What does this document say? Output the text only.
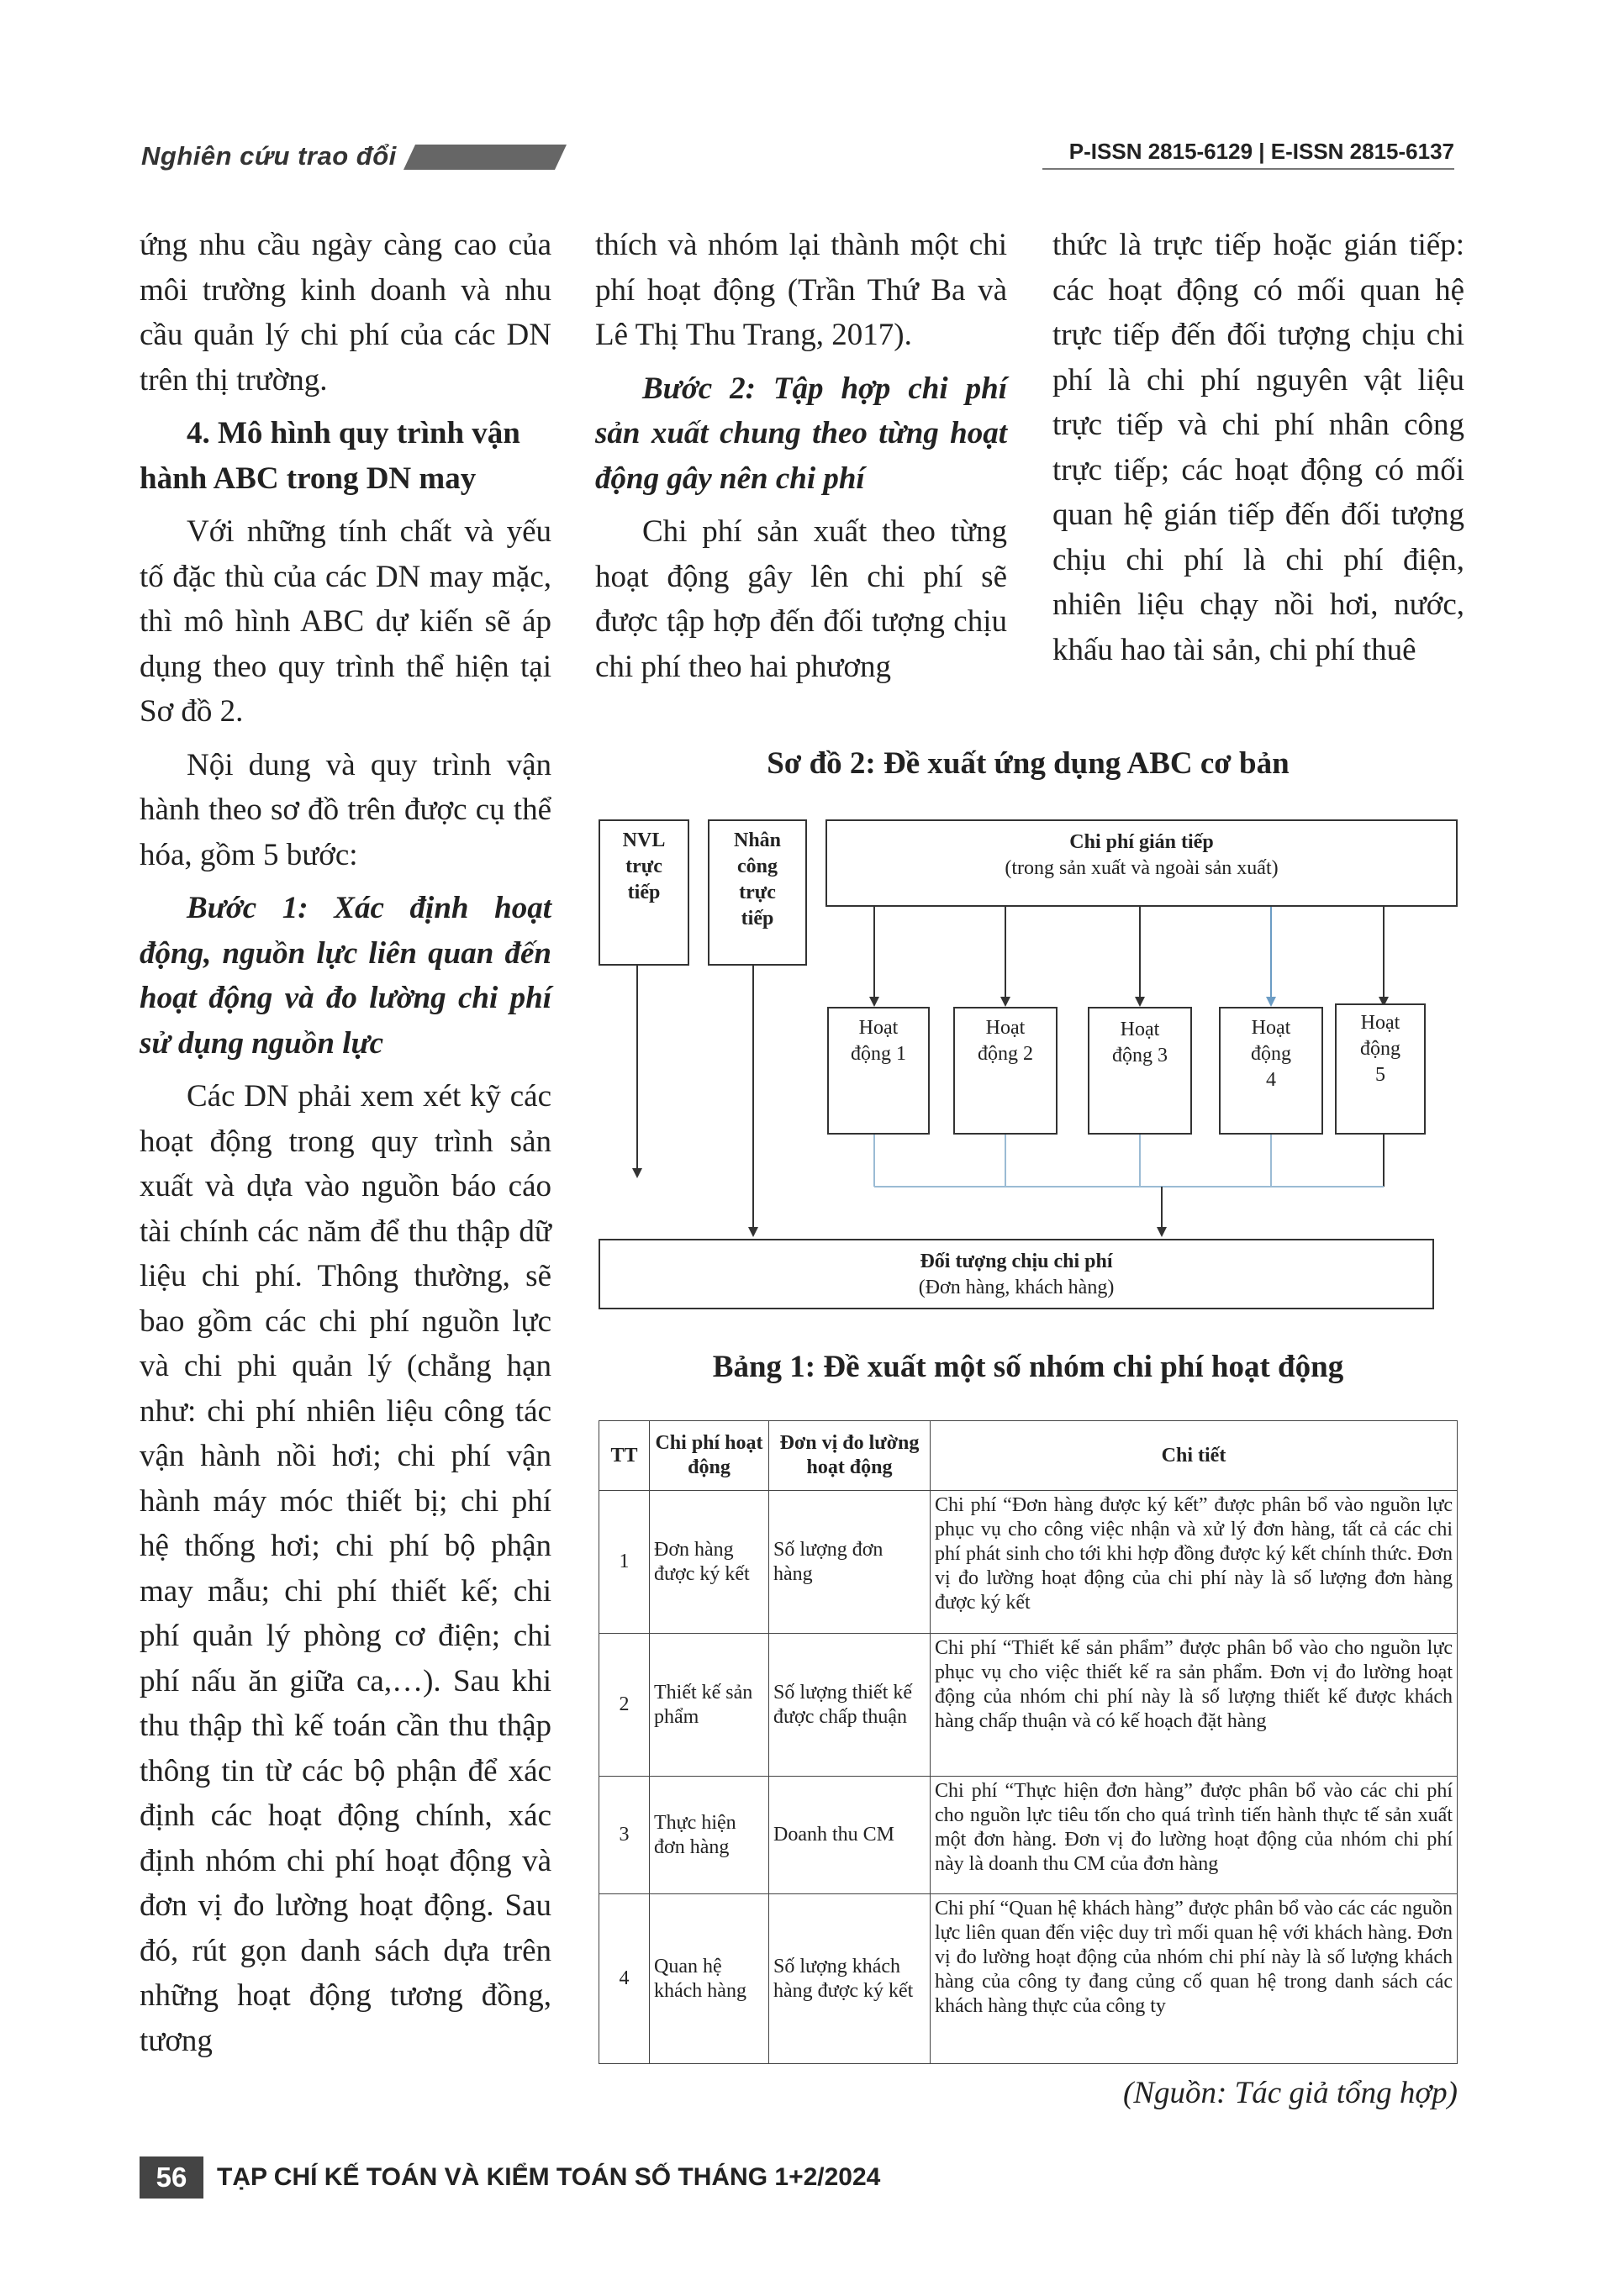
Nghiên cứu trao đổi	P-ISSN 2815-6129 | E-ISSN 2815-6137

ứng nhu cầu ngày càng cao của môi trường kinh doanh và nhu cầu quản lý chi phí của các DN trên thị trường.

4. Mô hình quy trình vận hành ABC trong DN may

Với những tính chất và yếu tố đặc thù của các DN may mặc, thì mô hình ABC dự kiến sẽ áp dụng theo quy trình thể hiện tại Sơ đồ 2.

Nội dung và quy trình vận hành theo sơ đồ trên được cụ thể hóa, gồm 5 bước:

Bước 1: Xác định hoạt động, nguồn lực liên quan đến hoạt động và đo lường chi phí sử dụng nguồn lực

Các DN phải xem xét kỹ các hoạt động trong quy trình sản xuất và dựa vào nguồn báo cáo tài chính các năm để thu thập dữ liệu chi phí. Thông thường, sẽ bao gồm các chi phí nguồn lực và chi phi quản lý (chẳng hạn như: chi phí nhiên liệu công tác vận hành nồi hơi; chi phí vận hành máy móc thiết bị; chi phí hệ thống hơi; chi phí bộ phận may mẫu; chi phí thiết kế; chi phí quản lý phòng cơ điện; chi phí nấu ăn giữa ca,…). Sau khi thu thập thì kế toán cần thu thập thông tin từ các bộ phận để xác định các hoạt động chính, xác định nhóm chi phí hoạt động và đơn vị đo lường hoạt động. Sau đó, rút gọn danh sách dựa trên những hoạt động tương đồng, tương

thích và nhóm lại thành một chi phí hoạt động (Trần Thứ Ba và Lê Thị Thu Trang, 2017).

Bước 2: Tập hợp chi phí sản xuất chung theo từng hoạt động gây nên chi phí

Chi phí sản xuất theo từng hoạt động gây lên chi phí sẽ được tập hợp đến đối tượng chịu chi phí theo hai phương

thức là trực tiếp hoặc gián tiếp: các hoạt động có mối quan hệ trực tiếp đến đối tượng chịu chi phí là chi phí nguyên vật liệu trực tiếp và chi phí nhân công trực tiếp; các hoạt động có mối quan hệ gián tiếp đến đối tượng chịu chi phí là chi phí điện, nhiên liệu chạy nồi hơi, nước, khấu hao tài sản, chi phí thuê

Sơ đồ 2: Đề xuất ứng dụng ABC cơ bản
NVL
trực
tiếp
Nhân
công
trực
tiếp
Chi phí gián tiếp
(trong sản xuất và ngoài sản xuất)
Hoạt
động 1
Hoạt
động 2
Hoạt
động 3
Hoạt
động
4
Hoạt
động
5
Đối tượng chịu chi phí
(Đơn hàng, khách hàng)
Bảng 1: Đề xuất một số nhóm chi phí hoạt động
TT	Chi phí hoạt động	Đơn vị đo lường hoạt động	Chi tiết
1	Đơn hàng được ký kết	Số lượng đơn hàng	Chi phí “Đơn hàng được ký kết” được phân bổ vào nguồn lực phục vụ cho công việc nhận và xử lý đơn hàng, tất cả các chi phí phát sinh cho tới khi hợp đồng được ký kết chính thức. Đơn vị đo lường hoạt động của chi phí này là số lượng đơn hàng được ký kết
2	Thiết kế sản phẩm	Số lượng thiết kế được chấp thuận	Chi phí “Thiết kế sản phẩm” được phân bổ vào cho nguồn lực phục vụ cho việc thiết kế ra sản phẩm. Đơn vị đo lường hoạt động của nhóm chi phí này là số lượng thiết kế được khách hàng chấp thuận và có kế hoạch đặt hàng
3	Thực hiện đơn hàng	Doanh thu CM	Chi phí “Thực hiện đơn hàng” được phân bổ vào các chi phí cho nguồn lực tiêu tốn cho quá trình tiến hành thực tế sản xuất một đơn hàng. Đơn vị đo lường hoạt động của nhóm chi phí này là doanh thu CM của đơn hàng
4	Quan hệ khách hàng	Số lượng khách hàng được ký kết	Chi phí “Quan hệ khách hàng” được phân bổ vào các các nguồn lực liên quan đến việc duy trì mối quan hệ với khách hàng. Đơn vị đo lường hoạt động của nhóm chi phí này là số lượng khách hàng của công ty đang củng cố quan hệ trong danh sách các khách hàng thực của công ty
(Nguồn: Tác giả tổng hợp)
56	TẠP CHÍ KẾ TOÁN VÀ KIỂM TOÁN SỐ THÁNG 1+2/2024
